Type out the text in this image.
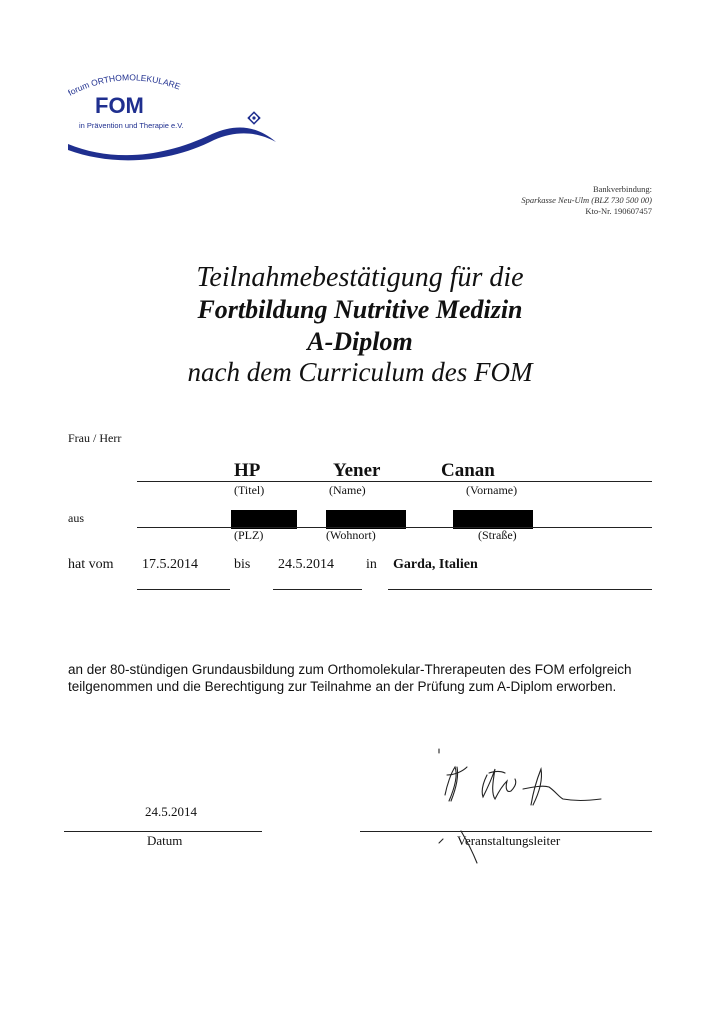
forum ORTHOMOLEKULARE
FOM
in Prävention und Therapie e.V.
Bankverbindung:
Sparkasse Neu-Ulm (BLZ 730 500 00)
Kto-Nr. 190607457
Teilnahmebestätigung für die
Fortbildung Nutritive Medizin
A-Diplom
nach dem Curriculum des FOM
Frau / Herr
HP	Yener	Canan
(Titel)	(Name)	(Vorname)
aus
(PLZ)	(Wohnort)	(Straße)
hat vom 17.5.2014	bis 24.5.2014 in Garda, Italien
an der 80-stündigen Grundausbildung zum Orthomolekular-Threrapeuten des FOM erfolgreich
teilgenommen und die Berechtigung zur Teilnahme an der Prüfung zum A-Diplom erworben.
24.5.2014
Datum	Veranstaltungsleiter
